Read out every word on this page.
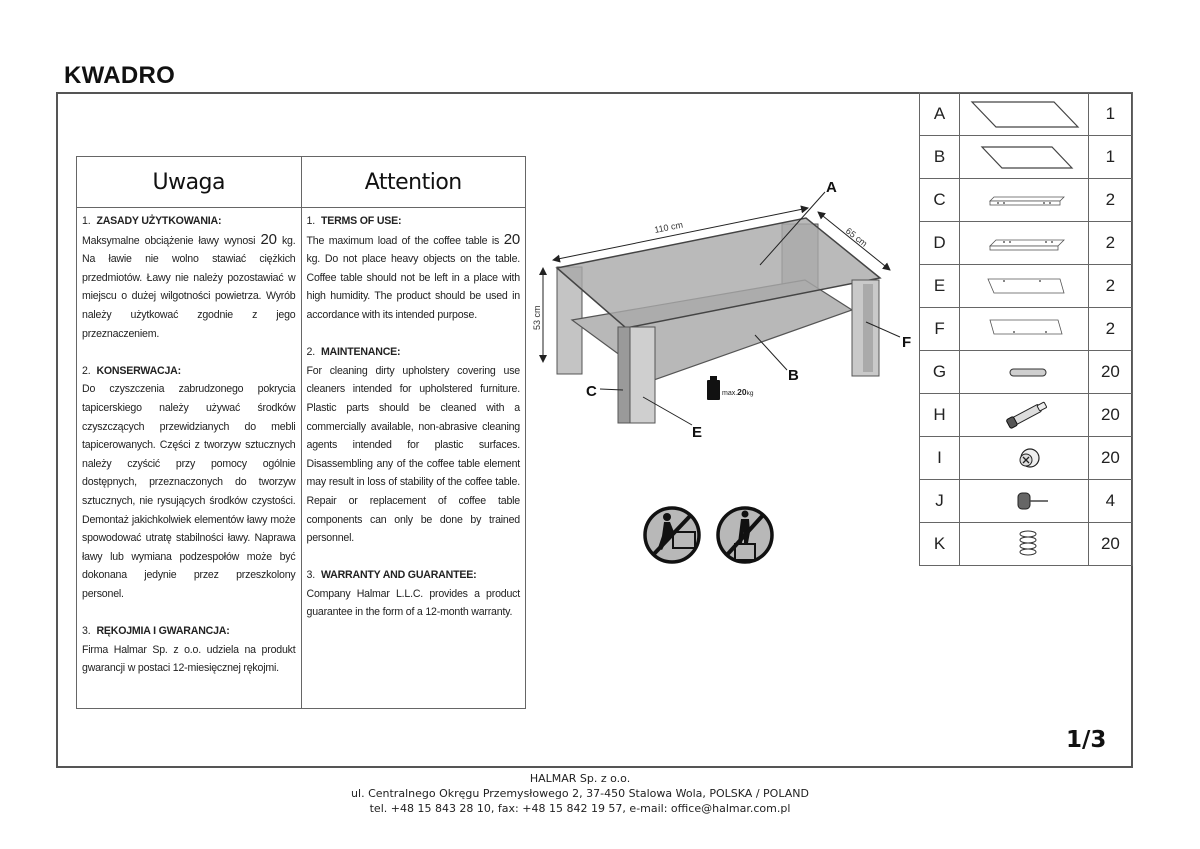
KWADRO
Uwaga
1. ZASADY UŻYTKOWANIA:
Maksymalne obciążenie ławy wynosi 20 kg. Na ławie nie wolno stawiać ciężkich przedmiotów. Ławy nie należy pozostawiać w miejscu o dużej wilgotności powietrza. Wyrób należy użytkować zgodnie z jego przeznaczeniem.
2. KONSERWACJA:
Do czyszczenia zabrudzonego pokrycia tapicerskiego należy używać środków czyszczących przewidzianych do mebli tapicerowanych. Części z tworzyw sztucznych należy czyścić przy pomocy ogólnie dostępnych, przeznaczonych do tworzyw sztucznych, nie rysujących środków czystości. Demontaż jakichkolwiek elementów ławy może spowodować utratę stabilności ławy. Naprawa ławy lub wymiana podzespołów może być dokonana jedynie przez przeszkolony personel.
3. RĘKOJMIA I GWARANCJA:
Firma Halmar Sp. z o.o. udziela na produkt gwarancji w postaci 12-miesięcznej rękojmi.
Attention
1. TERMS OF USE:
The maximum load of the coffee table is 20 kg. Do not place heavy objects on the table. Coffee table should not be left in a place with high humidity. The product should be used in accordance with its intended purpose.
2. MAINTENANCE:
For cleaning dirty upholstery covering use cleaners intended for upholstered furniture. Plastic parts should be cleaned with a commercially available, non-abrasive cleaning agents intended for plastic surfaces. Disassembling any of the coffee table element may result in loss of stability of the coffee table. Repair or replacement of coffee table components can only be done by trained personnel.
3. WARRANTY AND GUARANTEE:
Company Halmar L.L.C. provides a product guarantee in the form of a 12-month warranty.
110 cm	65 cm
53 cm
A
B
C
E
F
max.20kg
A		1
B		1
C		2
D		2
E		2
F		2
G		20
H		20
I		20
J		4
K		20
1/3
HALMAR Sp. z o.o.
ul. Centralnego Okręgu Przemysłowego 2, 37-450 Stalowa Wola, POLSKA / POLAND
tel. +48 15 843 28 10, fax: +48 15 842 19 57, e-mail: office@halmar.com.pl
